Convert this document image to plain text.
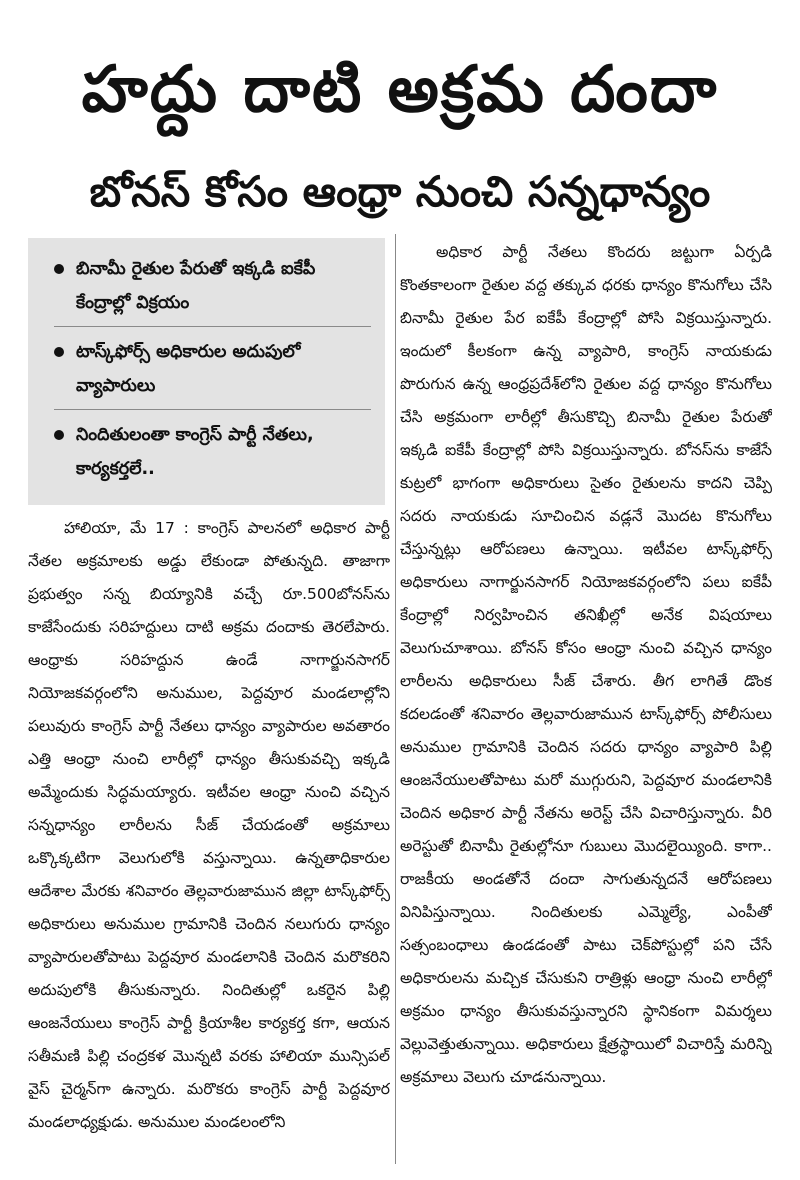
హద్దు దాటి అక్రమ దందా
బోనస్ కోసం ఆంధ్రా నుంచి సన్నధాన్యం
బినామీ రైతుల పేరుతో ఇక్కడి ఐకేపీ కేంద్రాల్లో విక్రయం
టాస్క్‌ఫోర్స్ అధికారుల అదుపులో వ్యాపారులు
నిందితులంతా కాంగ్రెస్ పార్టీ నేతలు, కార్యకర్తలే..

హాలియా, మే 17 : కాంగ్రెస్ పాలనలో అధికార పార్టీ నేతల అక్రమాలకు అడ్డు లేకుండా పోతున్నది. తాజాగా ప్రభుత్వం సన్న బియ్యానికి వచ్చే రూ.500బోనస్‌ను కాజేసేందుకు సరిహద్దులు దాటి అక్రమ దందాకు తెరలేపారు. ఆంధ్రాకు సరిహద్దున ఉండే నాగార్జునసాగర్ నియోజకవర్గంలోని అనుముల, పెద్దవూర మండలాల్లోని పలువురు కాంగ్రెస్ పార్టీ నేతలు ధాన్యం వ్యాపారుల అవతారం ఎత్తి ఆంధ్రా నుంచి లారీల్లో ధాన్యం తీసుకువచ్చి ఇక్కడి అమ్మేందుకు సిద్ధమయ్యారు. ఇటీవల ఆంధ్రా నుంచి వచ్చిన సన్నధాన్యం లారీలను సీజ్ చేయడంతో అక్రమాలు ఒక్కొక్కటిగా వెలుగులోకి వస్తున్నాయి. ఉన్నతాధికారుల ఆదేశాల మేరకు శనివారం తెల్లవారుజామున జిల్లా టాస్క్‌ఫోర్స్ అధికారులు అనుముల గ్రామానికి చెందిన నలుగురు ధాన్యం వ్యాపారులతోపాటు పెద్దవూర మండలానికి చెందిన మరొకరిని అదుపులోకి తీసుకున్నారు. నిందితుల్లో ఒకరైన పిల్లి ఆంజనేయులు కాంగ్రెస్ పార్టీ క్రియాశీల కార్యకర్త కగా, ఆయన సతీమణి పిల్లి చంద్రకళ మొన్నటి వరకు హాలియా మున్సిపల్ వైస్ చైర్మన్‌గా ఉన్నారు. మరొకరు కాంగ్రెస్ పార్టీ పెద్దవూర మండలాధ్యక్షుడు. అనుముల మండలంలోని

అధికార పార్టీ నేతలు కొందరు జట్టుగా ఏర్పడి కొంతకాలంగా రైతుల వద్ద తక్కువ ధరకు ధాన్యం కొనుగోలు చేసి బినామీ రైతుల పేర ఐకేపీ కేంద్రాల్లో పోసి విక్రయిస్తున్నారు. ఇందులో కీలకంగా ఉన్న వ్యాపారి, కాంగ్రెస్ నాయకుడు పొరుగున ఉన్న ఆంధ్రప్రదేశ్‌లోని రైతుల వద్ద ధాన్యం కొనుగోలు చేసి అక్రమంగా లారీల్లో తీసుకొచ్చి బినామీ రైతుల పేరుతో ఇక్కడి ఐకేపీ కేంద్రాల్లో పోసి విక్రయిస్తున్నారు. బోనస్‌ను కాజేసే కుట్రలో భాగంగా అధికారులు సైతం రైతులను కాదని చెప్పి సదరు నాయకుడు సూచించిన వడ్లనే మొదట కొనుగోలు చేస్తున్నట్లు ఆరోపణలు ఉన్నాయి. ఇటీవల టాస్క్‌ఫోర్స్ అధికారులు నాగార్జునసాగర్ నియోజకవర్గంలోని పలు ఐకేపీ కేంద్రాల్లో నిర్వహించిన తనిఖీల్లో అనేక విషయాలు వెలుగుచూశాయి. బోనస్ కోసం ఆంధ్రా నుంచి వచ్చిన ధాన్యం లారీలను అధికారులు సీజ్ చేశారు. తీగ లాగితే డొంక కదలడంతో శనివారం తెల్లవారుజామున టాస్క్‌ఫోర్స్ పోలీసులు అనుముల గ్రామానికి చెందిన సదరు ధాన్యం వ్యాపారి పిల్లి ఆంజనేయులతోపాటు మరో ముగ్గురుని, పెద్దవూర మండలానికి చెందిన అధికార పార్టీ నేతను అరెస్ట్ చేసి విచారిస్తున్నారు. వీరి అరెస్టుతో బినామీ రైతుల్లోనూ గుబులు మొదలైయ్యింది. కాగా.. రాజకీయ అండతోనే దందా సాగుతున్నదనే ఆరోపణలు వినిపిస్తున్నాయి. నిందితులకు ఎమ్మెల్యే, ఎంపీతో సత్సంబంధాలు ఉండడంతో పాటు చెక్‌పోస్టుల్లో పని చేసే అధికారులను మచ్చిక చేసుకుని రాత్రిళ్లు ఆంధ్రా నుంచి లారీల్లో అక్రమం ధాన్యం తీసుకువస్తున్నారని స్థానికంగా విమర్శలు వెల్లువెత్తుతున్నాయి. అధికారులు క్షేత్రస్థాయిలో విచారిస్తే మరిన్ని అక్రమాలు వెలుగు చూడనున్నాయి.
